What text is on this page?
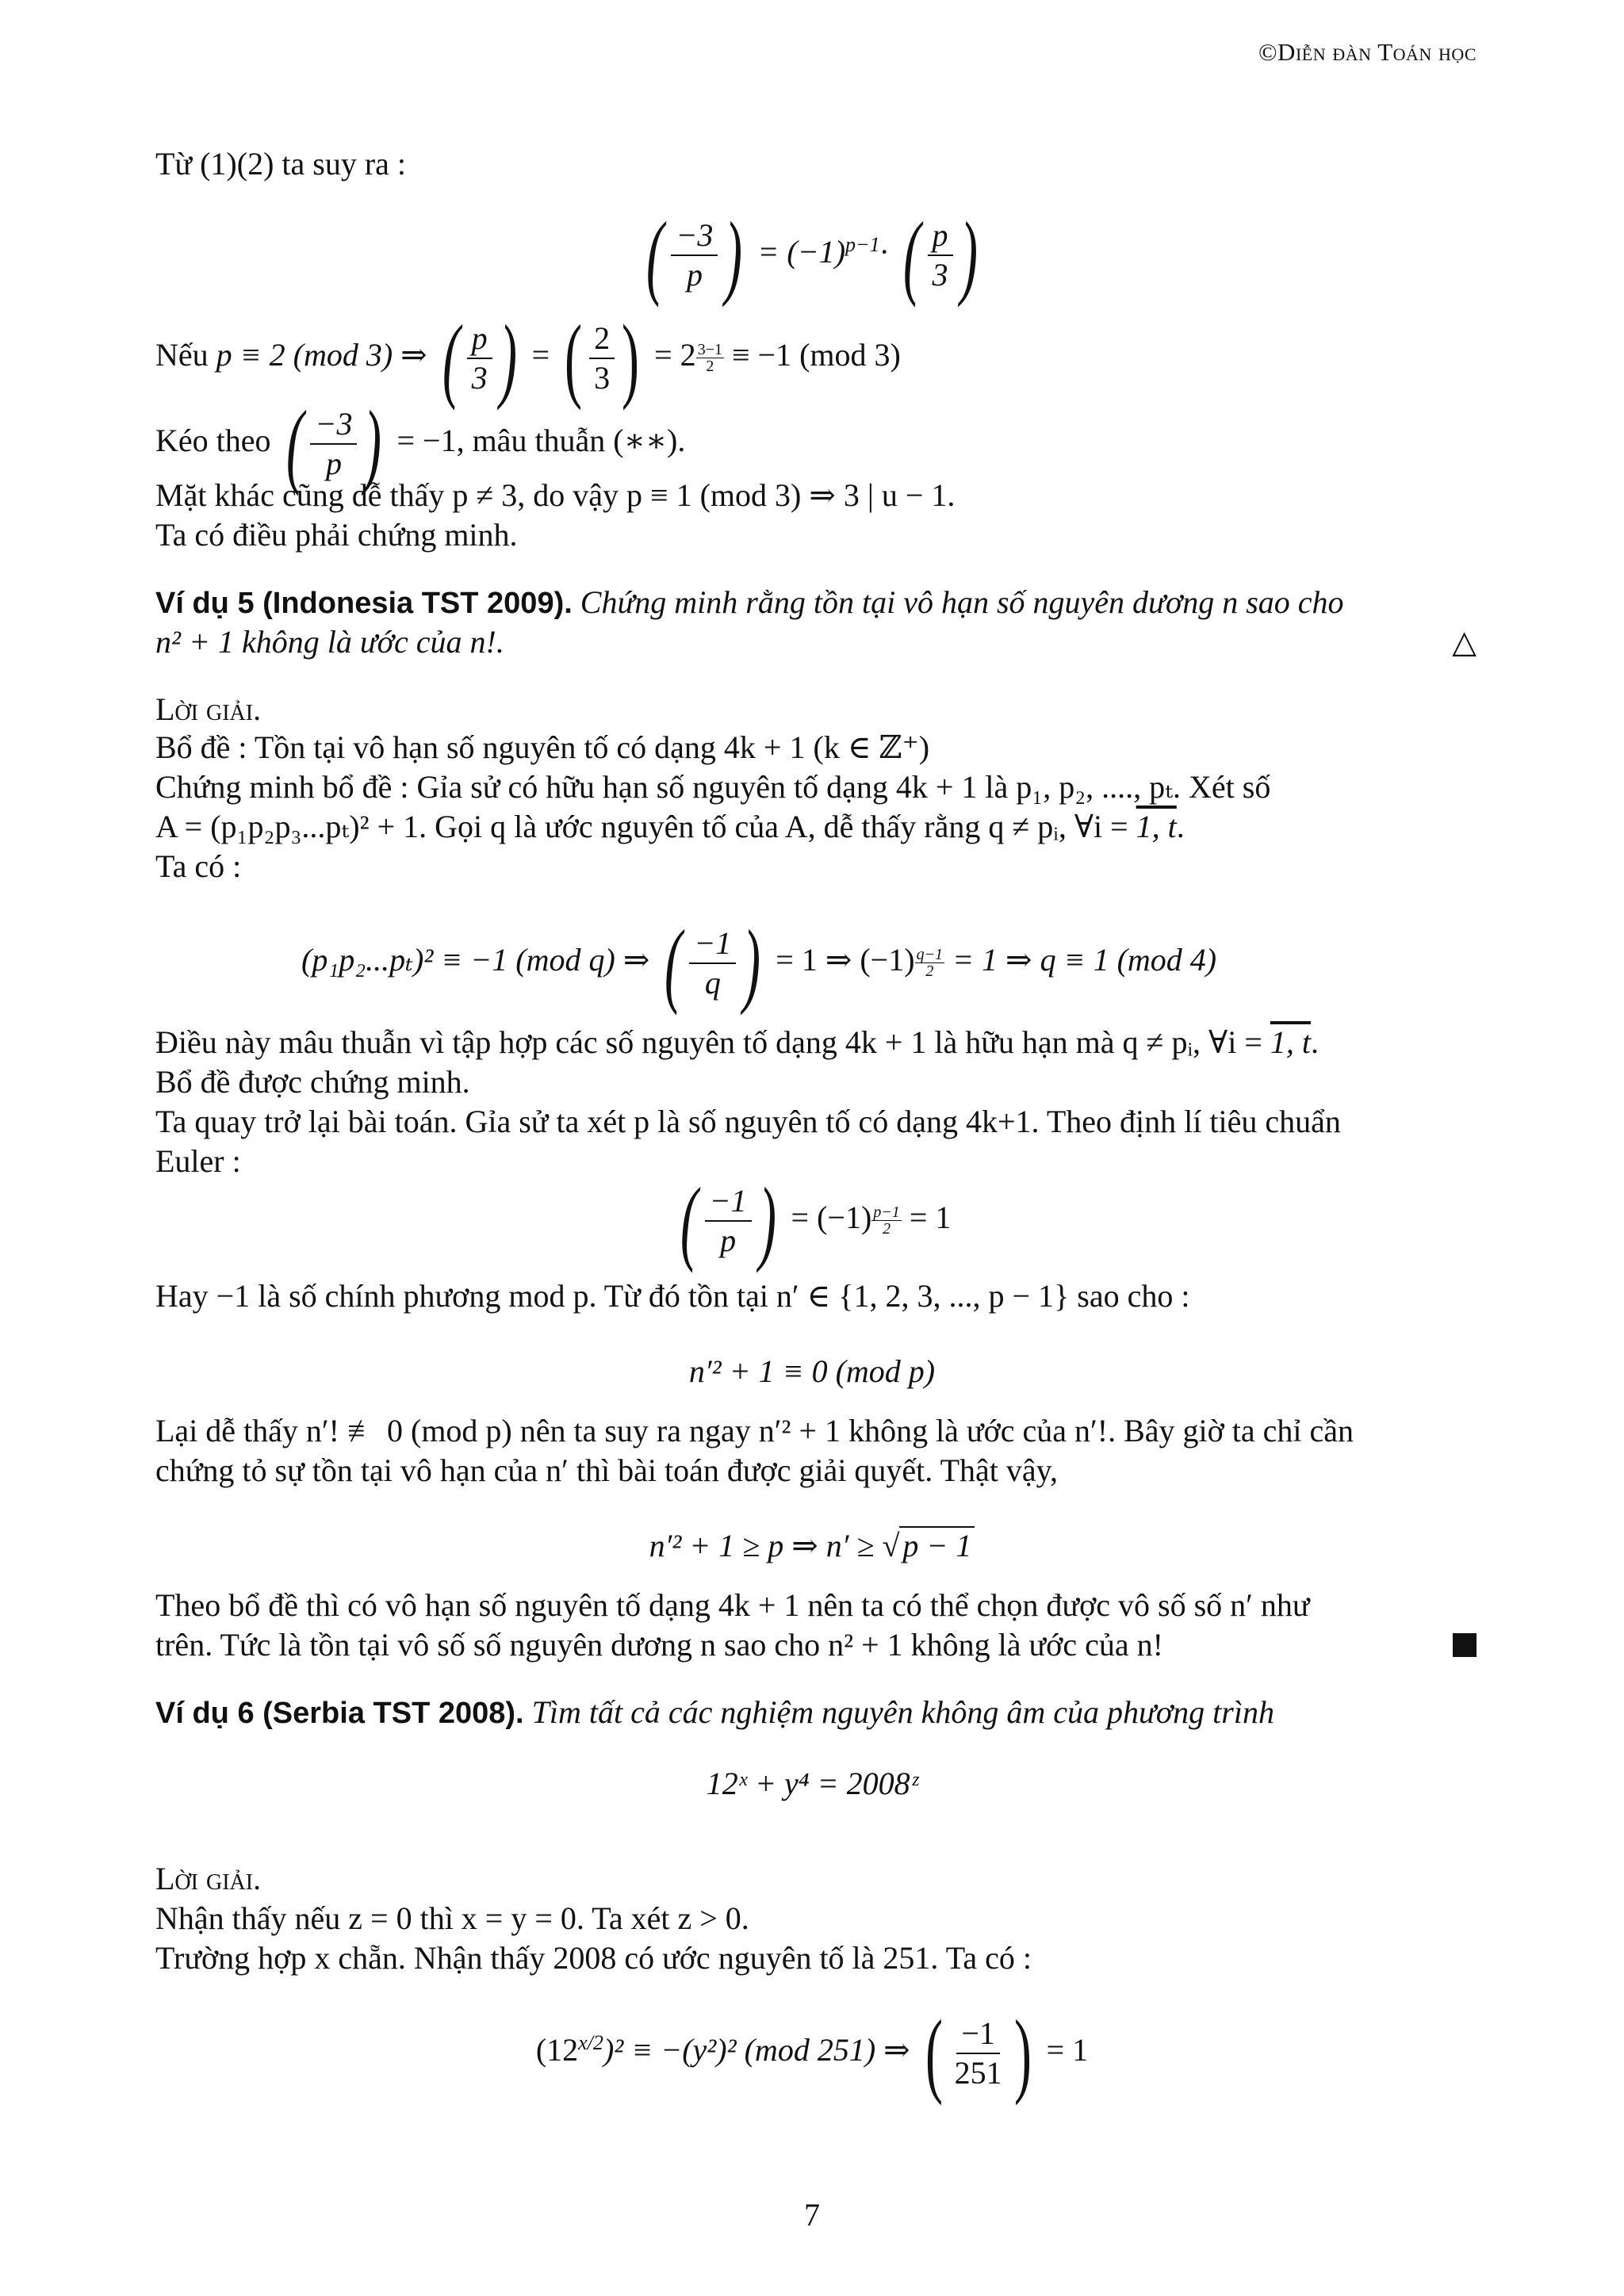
©Diễn đàn Toán học
Từ (1)(2) ta suy ra :
( $\frac{-3}{p}$ ) = $(-1)^{p-1}\cdot$ ( $\frac{p}{3}$ )
Nếu p ≡ 2 (mod 3) ⇒ ( $\frac{p}{3}$ ) = ( $\frac{2}{3}$ ) = $2 \frac{3-1}{2} \equiv -1$ (mod 3)
Kéo theo ( $\frac{-3}{p}$ ) = −1, mâu thuẫn (∗∗).
Mặt khác cũng dễ thấy p ≠ 3, do vậy p ≡ 1 (mod 3) ⇒ 3 | u − 1.
Ta có điều phải chứng minh.
Ví dụ 5 (Indonesia TST 2009). Chứng minh rằng tồn tại vô hạn số nguyên dương n sao cho
n² + 1 không là ước của n!.	△
Lời giải.
Bổ đề : Tồn tại vô hạn số nguyên tố có dạng 4k + 1 (k ∈ ℤ⁺)
Chứng minh bổ đề : Gỉa sử có hữu hạn số nguyên tố dạng 4k + 1 là p₁, p₂, ...., pₜ. Xét số
A = (p₁p₂p₃...pₜ)² + 1. Gọi q là ước nguyên tố của A, dễ thấy rằng q ≠ pᵢ, ∀i = 1, t.
Ta có :
(p₁p₂...pₜ)² ≡ −1 (mod q) ⇒ ( $\frac{-1}{q}$ ) = 1 ⇒ $(-1) \frac{q-1}{2} = 1$ ⇒ q ≡ 1 (mod 4)
Điều này mâu thuẫn vì tập hợp các số nguyên tố dạng 4k + 1 là hữu hạn mà q ≠ pᵢ, ∀i = 1, t.
Bổ đề được chứng minh.
Ta quay trở lại bài toán. Gỉa sử ta xét p là số nguyên tố có dạng 4k+1. Theo định lí tiêu chuẩn
Euler :
( $\frac{-1}{p}$ ) = $(-1) \frac{p-1}{2} = 1$
Hay −1 là số chính phương mod p. Từ đó tồn tại n′ ∈ {1, 2, 3, ..., p − 1} sao cho :
n′² + 1 ≡ 0 (mod p)
Lại dễ thấy n′! ≢ 0 (mod p) nên ta suy ra ngay n′² + 1 không là ước của n′!. Bây giờ ta chỉ cần
chứng tỏ sự tồn tại vô hạn của n′ thì bài toán được giải quyết. Thật vậy,
n′² + 1 ≥ p ⇒ n′ ≥ √ p − 1
Theo bổ đề thì có vô hạn số nguyên tố dạng 4k + 1 nên ta có thể chọn được vô số số n′ như
trên. Tức là tồn tại vô số số nguyên dương n sao cho n² + 1 không là ước của n!
Ví dụ 6 (Serbia TST 2008). Tìm tất cả các nghiệm nguyên không âm của phương trình
12ˣ + y⁴ = 2008ᶻ
Lời giải.
Nhận thấy nếu z = 0 thì x = y = 0. Ta xét z > 0.
Trường hợp x chẵn. Nhận thấy 2008 có ước nguyên tố là 251. Ta có :
$(12^{x/2})^2 \equiv -(y^2)^2$ (mod 251) ⇒ ( $\frac{-1}{251}$ ) = 1
7
